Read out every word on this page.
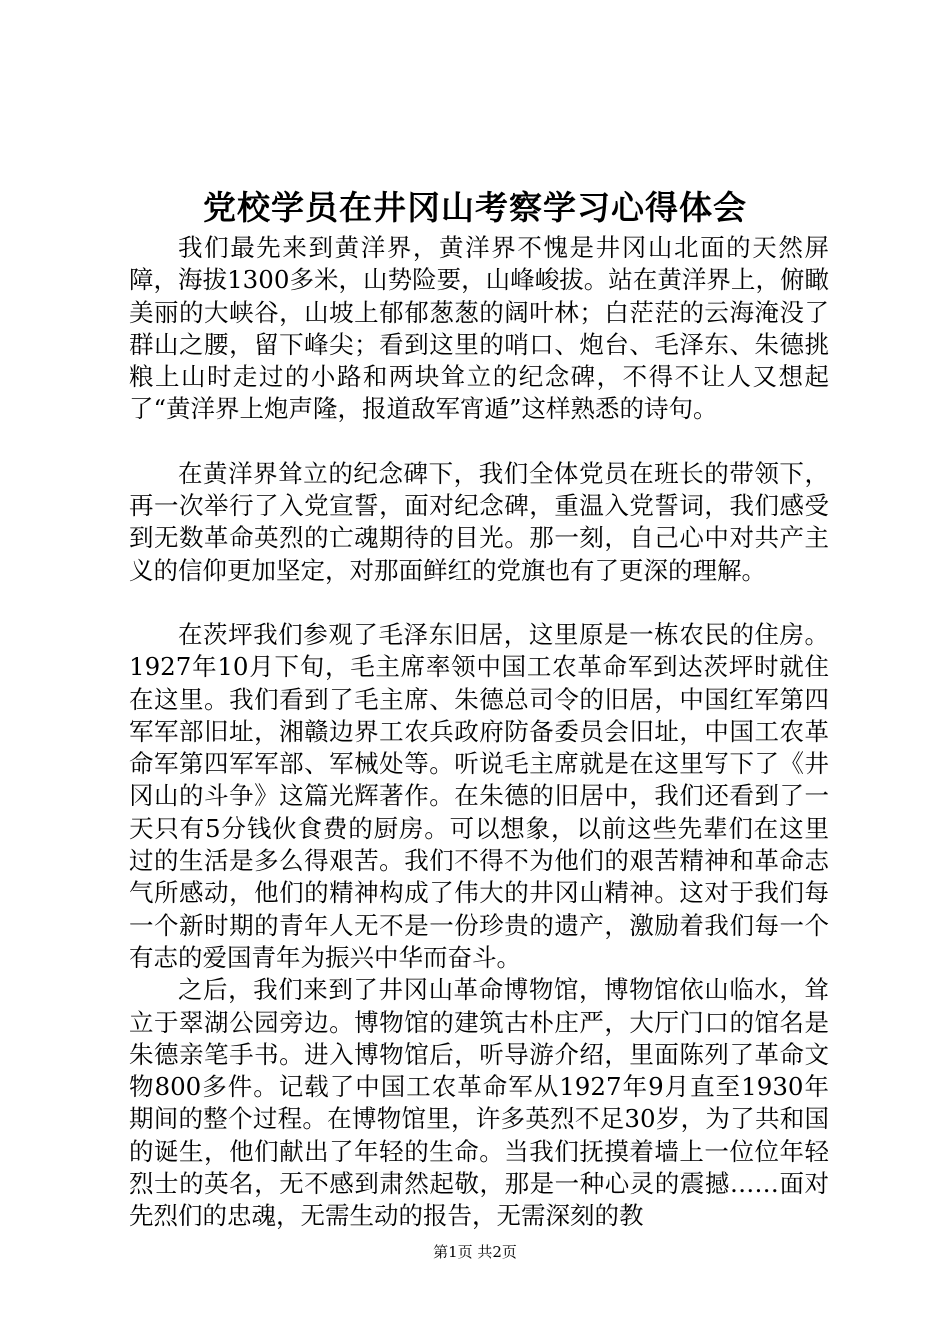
党校学员在井冈山考察学习心得体会

我们最先来到黄洋界，黄洋界不愧是井冈山北面的天然屏障，海拔1300多米，山势险要，山峰峻拔。站在黄洋界上，俯瞰美丽的大峡谷，山坡上郁郁葱葱的阔叶林；白茫茫的云海淹没了群山之腰，留下峰尖；看到这里的哨口、炮台、毛泽东、朱德挑粮上山时走过的小路和两块耸立的纪念碑，不得不让人又想起了“黄洋界上炮声隆，报道敌军宵遁”这样熟悉的诗句。

在黄洋界耸立的纪念碑下，我们全体党员在班长的带领下，再一次举行了入党宣誓，面对纪念碑，重温入党誓词，我们感受到无数革命英烈的亡魂期待的目光。那一刻，自己心中对共产主义的信仰更加坚定，对那面鲜红的党旗也有了更深的理解。

在茨坪我们参观了毛泽东旧居，这里原是一栋农民的住房。1927年10月下旬，毛主席率领中国工农革命军到达茨坪时就住在这里。我们看到了毛主席、朱德总司令的旧居，中国红军第四军军部旧址，湘赣边界工农兵政府防备委员会旧址，中国工农革命军第四军军部、军械处等。听说毛主席就是在这里写下了《井冈山的斗争》这篇光辉著作。在朱德的旧居中，我们还看到了一天只有5分钱伙食费的厨房。可以想象，以前这些先辈们在这里过的生活是多么得艰苦。我们不得不为他们的艰苦精神和革命志气所感动，他们的精神构成了伟大的井冈山精神。这对于我们每一个新时期的青年人无不是一份珍贵的遗产，激励着我们每一个有志的爱国青年为振兴中华而奋斗。

之后，我们来到了井冈山革命博物馆，博物馆依山临水，耸立于翠湖公园旁边。博物馆的建筑古朴庄严，大厅门口的馆名是朱德亲笔手书。进入博物馆后，听导游介绍，里面陈列了革命文物800多件。记载了中国工农革命军从1927年9月直至1930年期间的整个过程。在博物馆里，许多英烈不足30岁，为了共和国的诞生，他们献出了年轻的生命。当我们抚摸着墙上一位位年轻烈士的英名，无不感到肃然起敬，那是一种心灵的震撼……面对先烈们的忠魂，无需生动的报告，无需深刻的教

第1页 共2页
